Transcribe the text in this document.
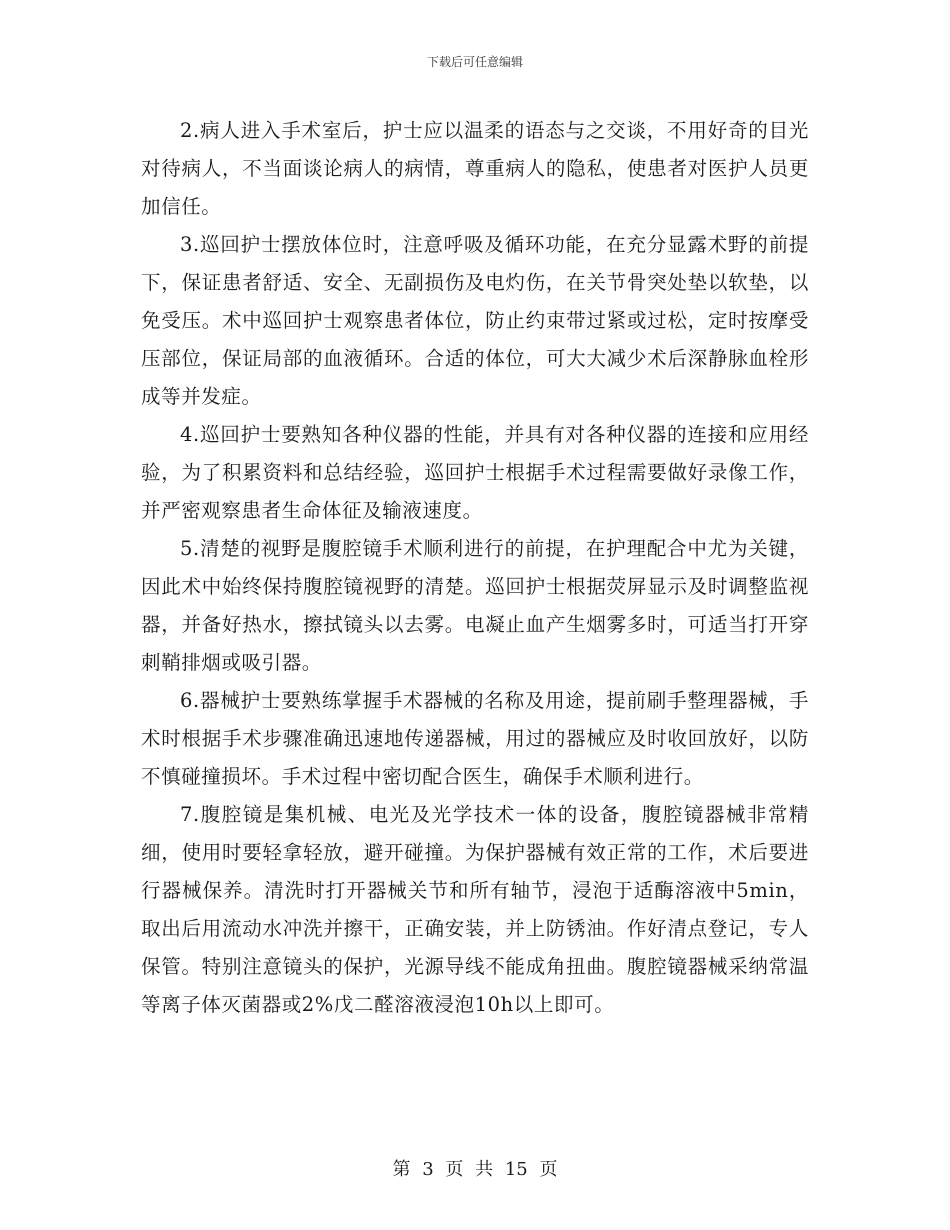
下载后可任意编辑

2.病人进入手术室后，护士应以温柔的语态与之交谈，不用好奇的目光对待病人，不当面谈论病人的病情，尊重病人的隐私，使患者对医护人员更加信任。

3.巡回护士摆放体位时，注意呼吸及循环功能，在充分显露术野的前提下，保证患者舒适、安全、无副损伤及电灼伤，在关节骨突处垫以软垫，以免受压。术中巡回护士观察患者体位，防止约束带过紧或过松，定时按摩受压部位，保证局部的血液循环。合适的体位，可大大减少术后深静脉血栓形成等并发症。

4.巡回护士要熟知各种仪器的性能，并具有对各种仪器的连接和应用经验，为了积累资料和总结经验，巡回护士根据手术过程需要做好录像工作，并严密观察患者生命体征及输液速度。

5.清楚的视野是腹腔镜手术顺利进行的前提，在护理配合中尤为关键，因此术中始终保持腹腔镜视野的清楚。巡回护士根据荧屏显示及时调整监视器，并备好热水，擦拭镜头以去雾。电凝止血产生烟雾多时，可适当打开穿刺鞘排烟或吸引器。

6.器械护士要熟练掌握手术器械的名称及用途，提前刷手整理器械，手术时根据手术步骤准确迅速地传递器械，用过的器械应及时收回放好，以防不慎碰撞损坏。手术过程中密切配合医生，确保手术顺利进行。

7.腹腔镜是集机械、电光及光学技术一体的设备，腹腔镜器械非常精细，使用时要轻拿轻放，避开碰撞。为保护器械有效正常的工作，术后要进行器械保养。清洗时打开器械关节和所有轴节，浸泡于适酶溶液中5min，取出后用流动水冲洗并擦干，正确安装，并上防锈油。作好清点登记，专人保管。特别注意镜头的保护，光源导线不能成角扭曲。腹腔镜器械采纳常温等离子体灭菌器或2%戊二醛溶液浸泡10h以上即可。

第 3 页 共 15 页
